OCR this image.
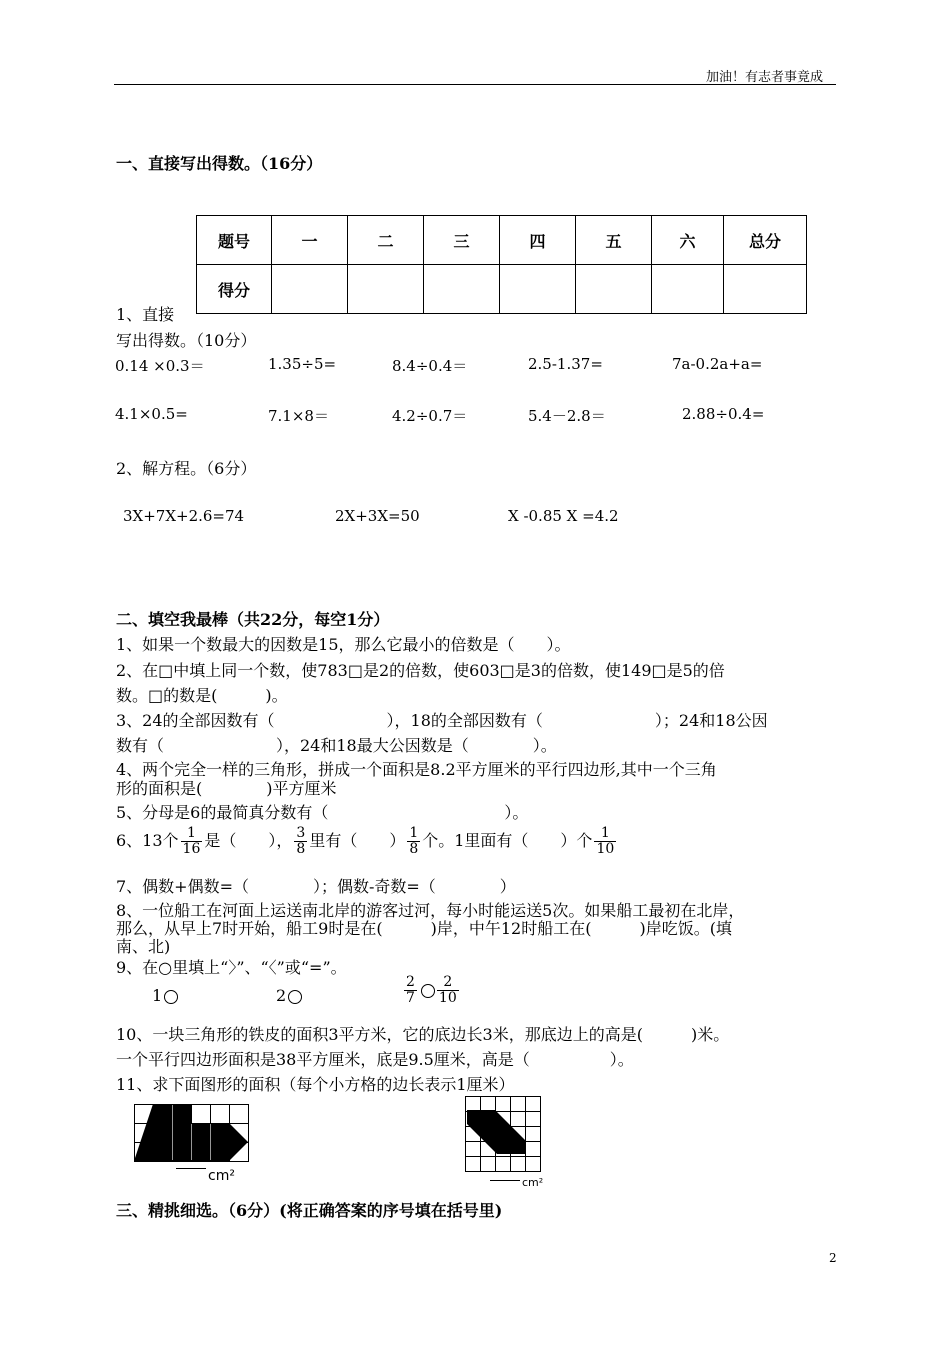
加油！有志者事竟成
一、直接写出得数。（16分）
题号	一	二	三	四	五	六	总分
得分							
1、直接
写出得数。（10分）
0.14 ×0.3＝	1.35÷5=	8.4÷0.4＝	2.5-1.37=	7a-0.2a+a=
4.1×0.5=	7.1×8＝	4.2÷0.7＝	5.4－2.8＝	2.88÷0.4=
2、解方程。（6分）
3X+7X+2.6=74	2X+3X=50	X -0.85 X =4.2
二、填空我最棒（共22分，每空1分）
1、如果一个数最大的因数是15，那么它最小的倍数是（　　）。
2、在□中填上同一个数，使783□是2的倍数，使603□是3的倍数，使149□是5的倍
数。□的数是(　　　)。
3、24的全部因数有（　　　　　　　），18的全部因数有（　　　　　　　）；24和18公因
数有（　　　　　　　），24和18最大公因数是（　　　　）。
4、两个完全一样的三角形，拼成一个面积是8.2平方厘米的平行四边形,其中一个三角
形的面积是(　　　　)平方厘米
5、分母是6的最简真分数有（　　　　　　　　　　　）。
6、13个 $\frac{1}{16}$ 是（　　）， $\frac{3}{8}$ 里有（　　） $\frac{1}{8}$ 个。1里面有（　　）个 $\frac{1}{10}$
7、偶数+偶数=（　　　　）；偶数-奇数=（　　　　）
8、一位船工在河面上运送南北岸的游客过河，每小时能运送5次。如果船工最初在北岸，
那么，从早上7时开始，船工9时是在(　　　)岸，中午12时船工在(　　　)岸吃饭。(填
南、北)
9、在○里填上“〉”、“〈”或“=”。
1	2	$\frac{2}{7} \frac{2}{10}$
10、一块三角形的铁皮的面积3平方米，它的底边长3米，那底边上的高是(　　　)米。
一个平行四边形面积是38平方厘米，底是9.5厘米，高是（　　　　　）。
11、求下面图形的面积（每个小方格的边长表示1厘米）
cm²	cm²
三、精挑细选。（6分）(将正确答案的序号填在括号里)
2
